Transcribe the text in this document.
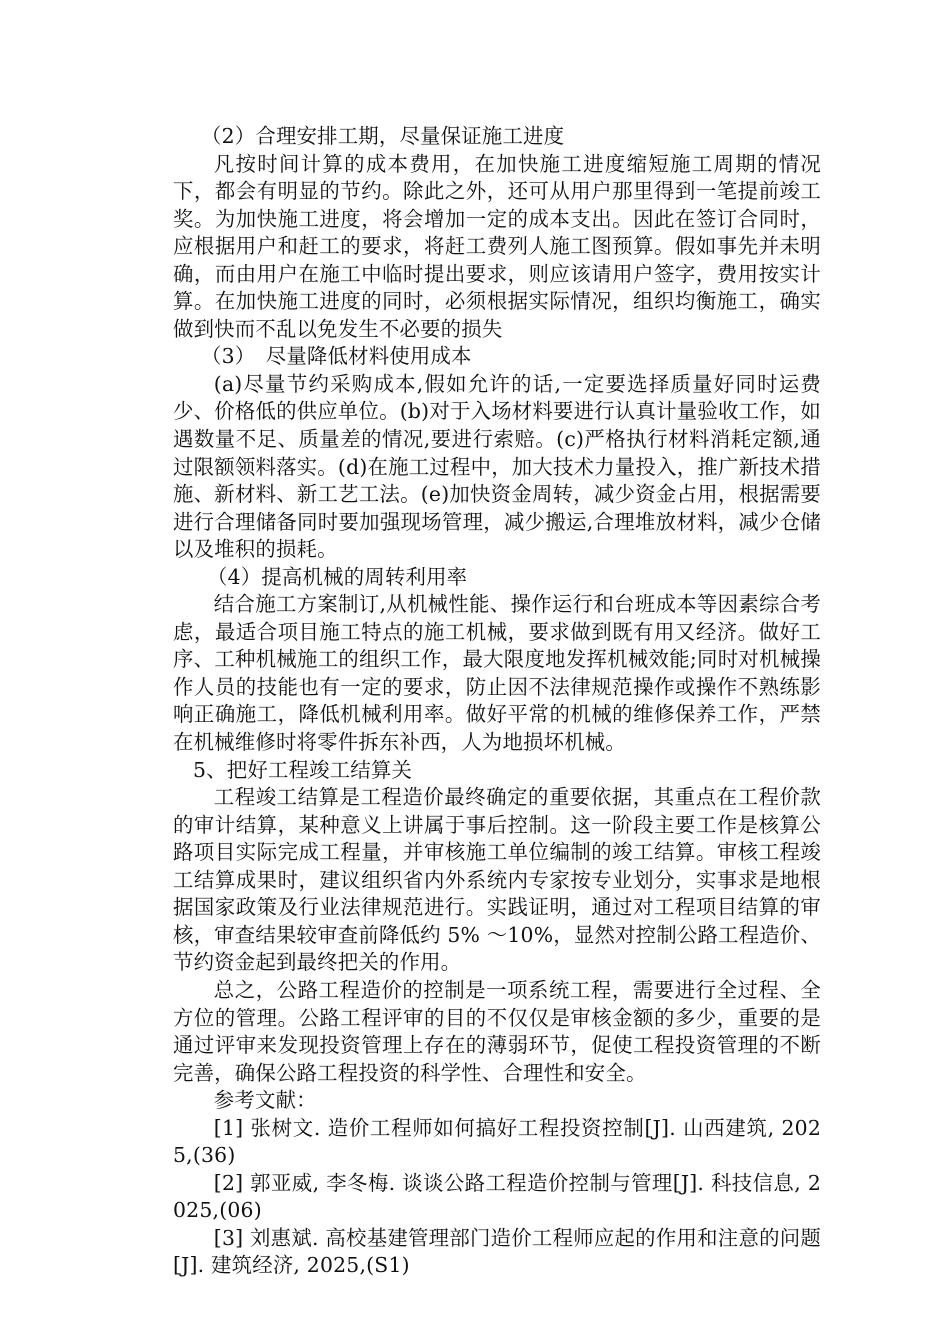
（2）合理安排工期，尽量保证施工进度

凡按时间计算的成本费用，在加快施工进度缩短施工周期的情况下，都会有明显的节约。除此之外，还可从用户那里得到一笔提前竣工奖。为加快施工进度，将会增加一定的成本支出。因此在签订合同时，应根据用户和赶工的要求，将赶工费列人施工图预算。假如事先并未明确，而由用户在施工中临时提出要求，则应该请用户签字，费用按实计算。在加快施工进度的同时，必须根据实际情况，组织均衡施工，确实做到快而不乱以免发生不必要的损失

（3）　尽量降低材料使用成本

(a)尽量节约采购成本,假如允许的话,一定要选择质量好同时运费少、价格低的供应单位。(b)对于入场材料要进行认真计量验收工作，如遇数量不足、质量差的情况,要进行索赔。(c)严格执行材料消耗定额,通过限额领料落实。(d)在施工过程中，加大技术力量投入，推广新技术措施、新材料、新工艺工法。(e)加快资金周转，减少资金占用，根据需要进行合理储备同时要加强现场管理，减少搬运,合理堆放材料，减少仓储以及堆积的损耗。

（4）提高机械的周转利用率

结合施工方案制订,从机械性能、操作运行和台班成本等因素综合考虑，最适合项目施工特点的施工机械，要求做到既有用又经济。做好工序、工种机械施工的组织工作，最大限度地发挥机械效能;同时对机械操作人员的技能也有一定的要求，防止因不法律规范操作或操作不熟练影响正确施工，降低机械利用率。做好平常的机械的维修保养工作，严禁在机械维修时将零件拆东补西，人为地损坏机械。

5、把好工程竣工结算关

工程竣工结算是工程造价最终确定的重要依据，其重点在工程价款的审计结算，某种意义上讲属于事后控制。这一阶段主要工作是核算公路项目实际完成工程量，并审核施工单位编制的竣工结算。审核工程竣工结算成果时，建议组织省内外系统内专家按专业划分，实事求是地根据国家政策及行业法律规范进行。实践证明，通过对工程项目结算的审核，审查结果较审查前降低约 5% ～10%，显然对控制公路工程造价、节约资金起到最终把关的作用。

总之，公路工程造价的控制是一项系统工程，需要进行全过程、全方位的管理。公路工程评审的目的不仅仅是审核金额的多少，重要的是通过评审来发现投资管理上存在的薄弱环节，促使工程投资管理的不断完善，确保公路工程投资的科学性、合理性和安全。

参考文献：

[1] 张树文. 造价工程师如何搞好工程投资控制[J]. 山西建筑, 2025,(36)

[2] 郭亚威, 李冬梅. 谈谈公路工程造价控制与管理[J]. 科技信息, 2025,(06)

[3] 刘惠斌. 高校基建管理部门造价工程师应起的作用和注意的问题[J]. 建筑经济, 2025,(S1)
